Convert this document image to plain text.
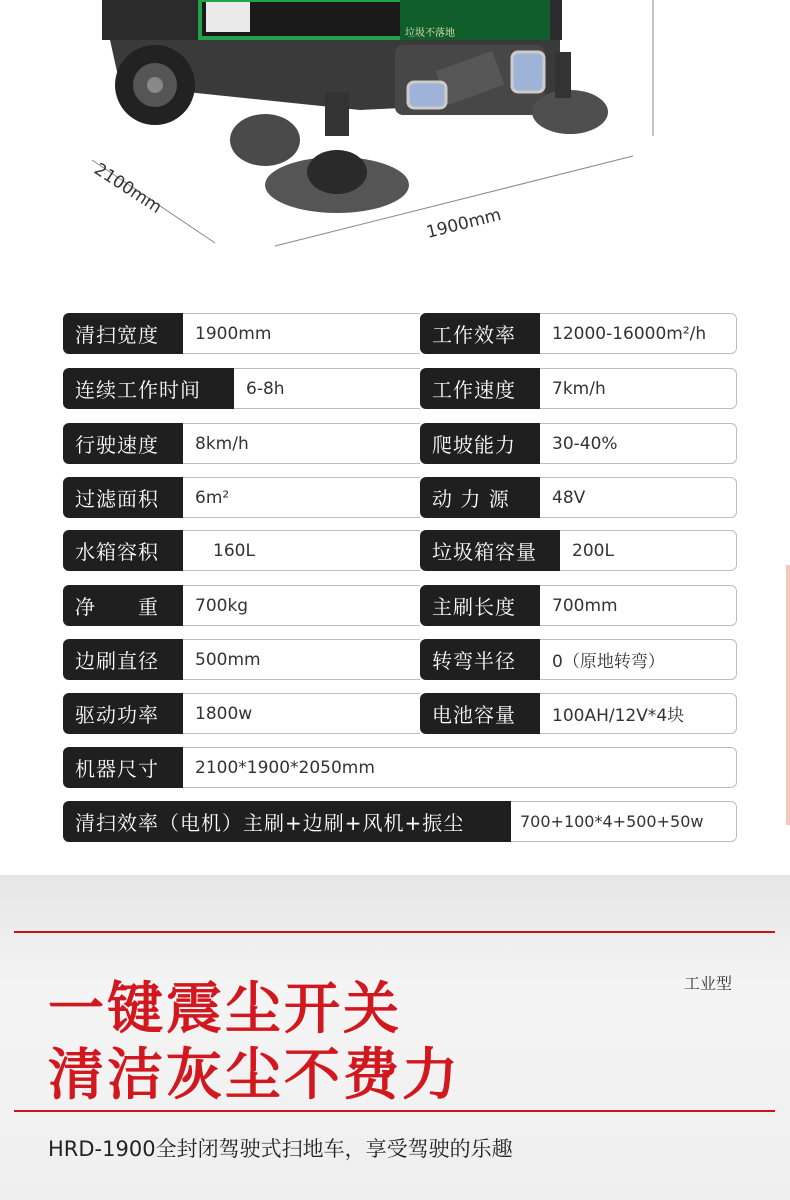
垃圾不落地
2100mm
1900mm
清扫宽度	1900mm	工作效率	12000-16000m²/h
连续工作时间	6-8h	工作速度	7km/h
行驶速度	8km/h	爬坡能力	30-40%
过滤面积	6m²	动 力 源	48V
水箱容积	160L	垃圾箱容量	200L
净　　重	700kg	主刷长度	700mm
边刷直径	500mm	转弯半径	0（原地转弯）
驱动功率	1800w	电池容量	100AH/12V*4块
机器尺寸	2100*1900*2050mm
清扫效率（电机）主刷+边刷+风机+振尘	700+100*4+500+50w
工业型
一键震尘开关
清洁灰尘不费力
HRD-1900全封闭驾驶式扫地车，享受驾驶的乐趣
